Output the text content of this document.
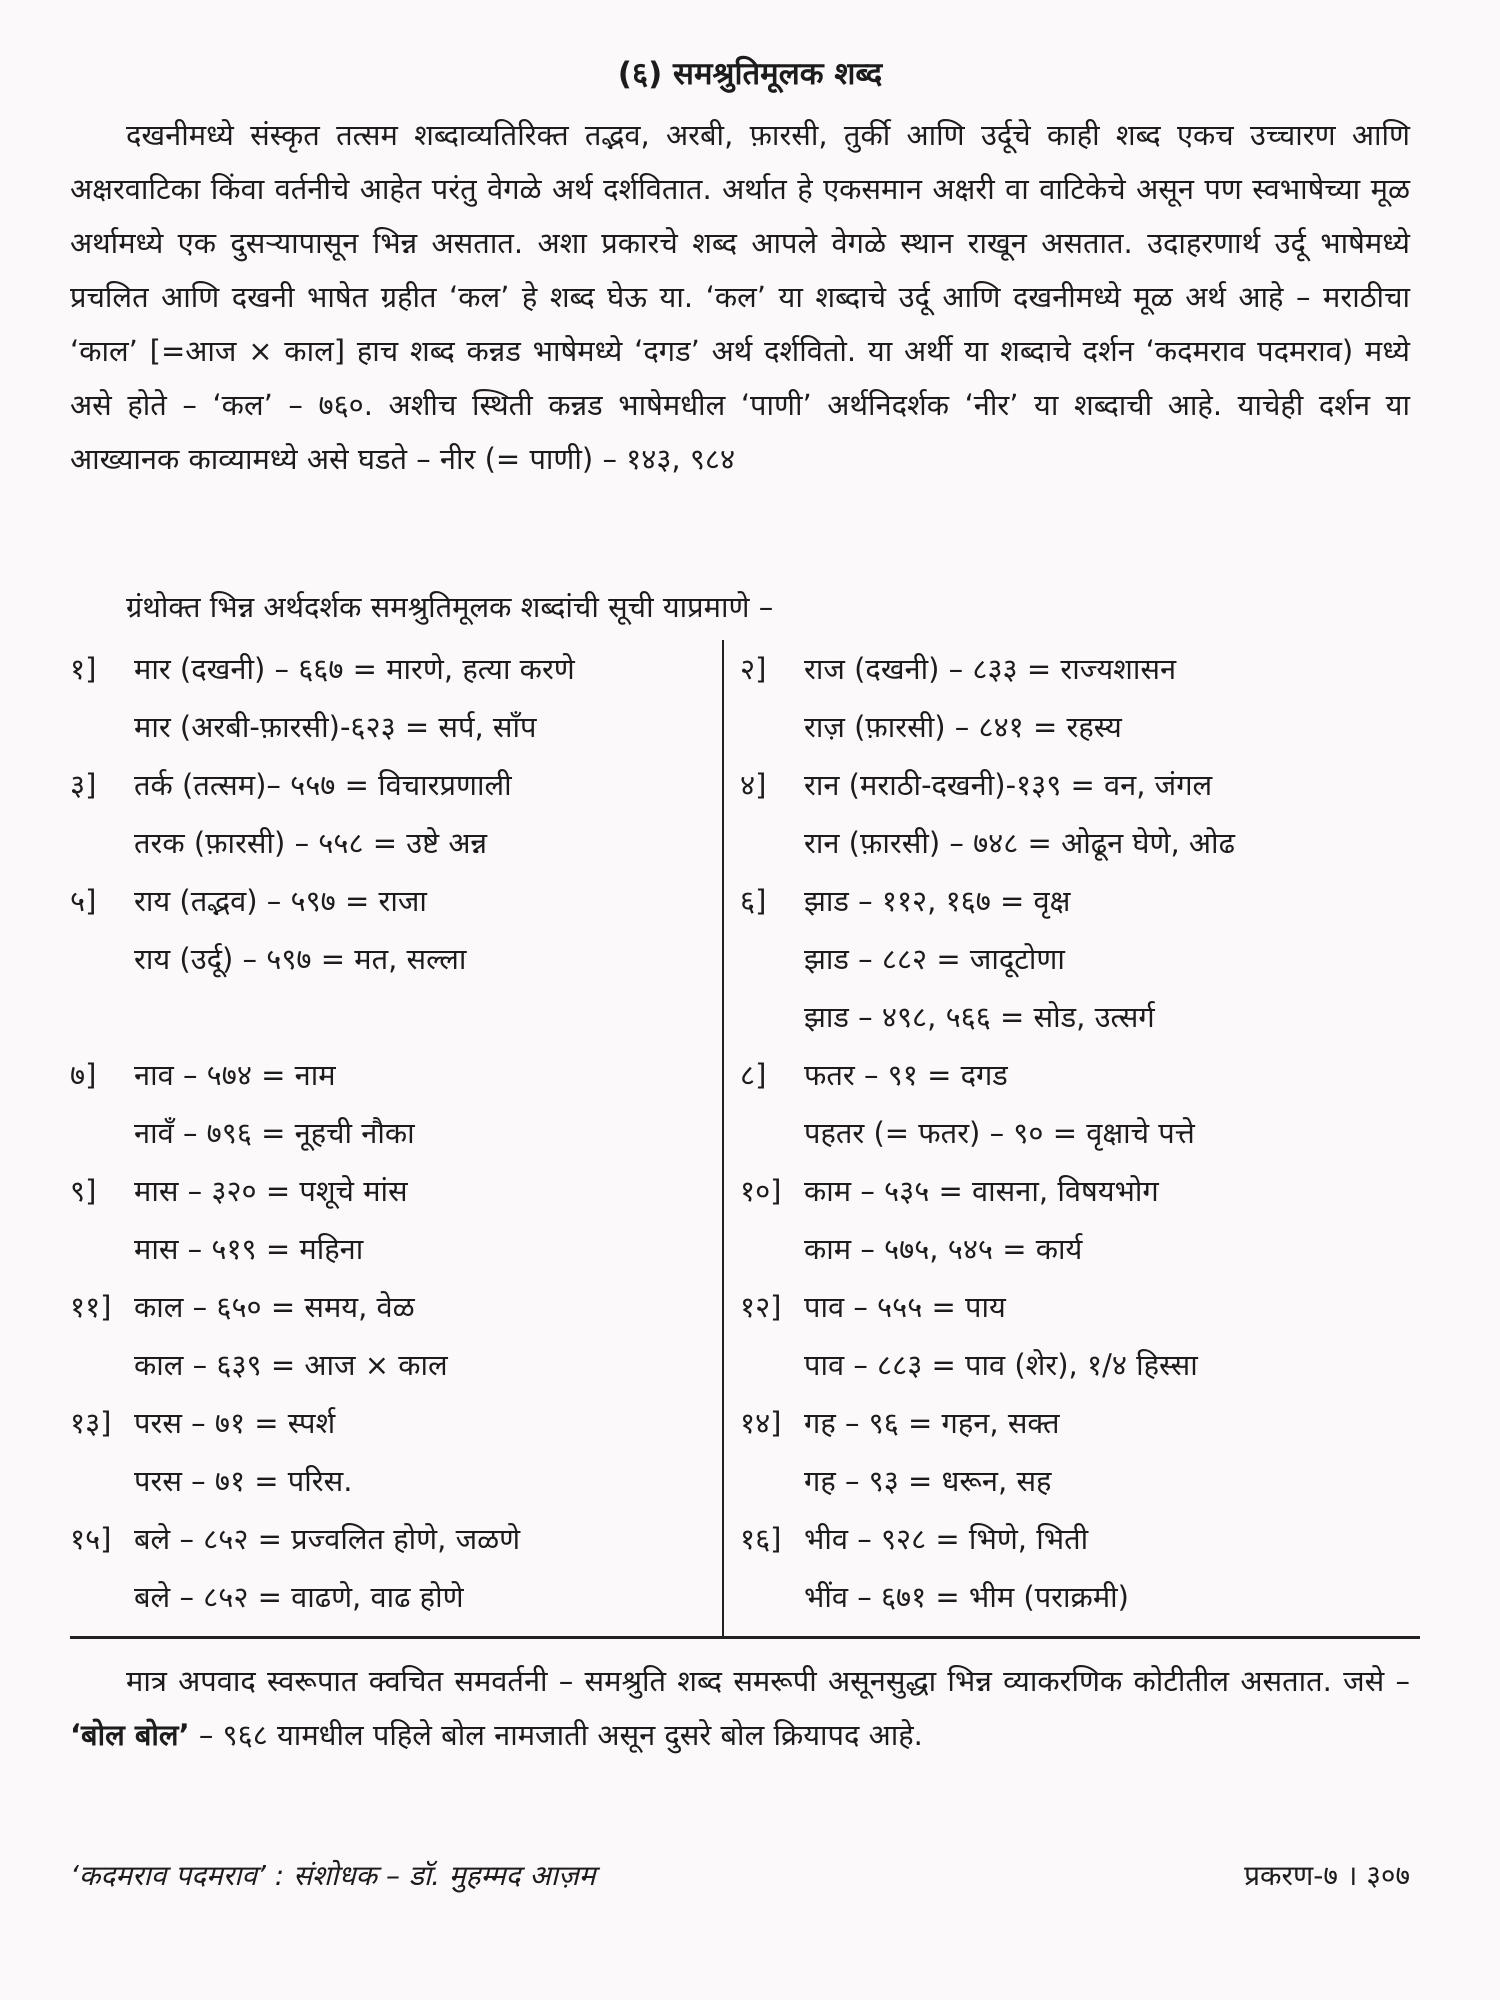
(६) समश्रुतिमूलक शब्द
दखनीमध्ये संस्कृत तत्सम शब्दाव्यतिरिक्त तद्भव, अरबी, फ़ारसी, तुर्की आणि उर्दूचे काही शब्द एकच उच्चारण आणि अक्षरवाटिका किंवा वर्तनीचे आहेत परंतु वेगळे अर्थ दर्शवितात. अर्थात हे एकसमान अक्षरी वा वाटिकेचे असून पण स्वभाषेच्या मूळ अर्थामध्ये एक दुसऱ्यापासून भिन्न असतात. अशा प्रकारचे शब्द आपले वेगळे स्थान राखून असतात. उदाहरणार्थ उर्दू भाषेमध्ये प्रचलित आणि दखनी भाषेत ग्रहीत ‘कल’ हे शब्द घेऊ या. ‘कल’ या शब्दाचे उर्दू आणि दखनीमध्ये मूळ अर्थ आहे – मराठीचा ‘काल’ [=आज × काल] हाच शब्द कन्नड भाषेमध्ये ‘दगड’ अर्थ दर्शवितो. या अर्थी या शब्दाचे दर्शन ‘कदमराव पदमराव) मध्ये असे होते – ‘कल’ – ७६०. अशीच स्थिती कन्नड भाषेमधील ‘पाणी’ अर्थनिदर्शक ‘नीर’ या शब्दाची आहे. याचेही दर्शन या आख्यानक काव्यामध्ये असे घडते – नीर (= पाणी) – १४३, ९८४
ग्रंथोक्त भिन्न अर्थदर्शक समश्रुतिमूलक शब्दांची सूची याप्रमाणे –
१]	मार (दखनी) – ६६७ = मारणे, हत्या करणे
मार (अरबी-फ़ारसी)-६२३ = सर्प, साँप
३]	तर्क (तत्सम)– ५५७ = विचारप्रणाली
तरक (फ़ारसी) – ५५८ = उष्टे अन्न
५]	राय (तद्भव) – ५९७ = राजा
राय (उर्दू) – ५९७ = मत, सल्ला
७]	नाव – ५७४ = नाम
नावँ – ७९६ = नूहची नौका
९]	मास – ३२० = पशूचे मांस
मास – ५१९ = महिना
११] काल – ६५० = समय, वेळ
काल – ६३९ = आज × काल
१३] परस – ७१ = स्पर्श
परस – ७१ = परिस.
१५] बले – ८५२ = प्रज्वलित होणे, जळणे
बले – ८५२ = वाढणे, वाढ होणे
२]	राज (दखनी) – ८३३ = राज्यशासन
राज़ (फ़ारसी) – ८४१ = रहस्य
४]	रान (मराठी-दखनी)-१३९ = वन, जंगल
रान (फ़ारसी) – ७४८ = ओढून घेणे, ओढ
६]	झाड – ११२, १६७ = वृक्ष
झाड – ८८२ = जादूटोणा
झाड – ४९८, ५६६ = सोड, उत्सर्ग
८]	फतर – ९१ = दगड
पहतर (= फतर) – ९० = वृक्षाचे पत्ते
१०] काम – ५३५ = वासना, विषयभोग
काम – ५७५, ५४५ = कार्य
१२] पाव – ५५५ = पाय
पाव – ८८३ = पाव (शेर), १/४ हिस्सा
१४] गह – ९६ = गहन, सक्त
गह – ९३ = धरून, सह
१६] भीव – ९२८ = भिणे, भिती
भींव – ६७१ = भीम (पराक्रमी)
मात्र अपवाद स्वरूपात क्वचित समवर्तनी – समश्रुति शब्द समरूपी असूनसुद्धा भिन्न व्याकरणिक कोटीतील असतात. जसे – ‘बोल बोल’ – ९६८ यामधील पहिले बोल नामजाती असून दुसरे बोल क्रियापद आहे.
‘कदमराव पदमराव’ : संशोधक – डॉ. मुहम्मद आज़म	प्रकरण-७ । ३०७
